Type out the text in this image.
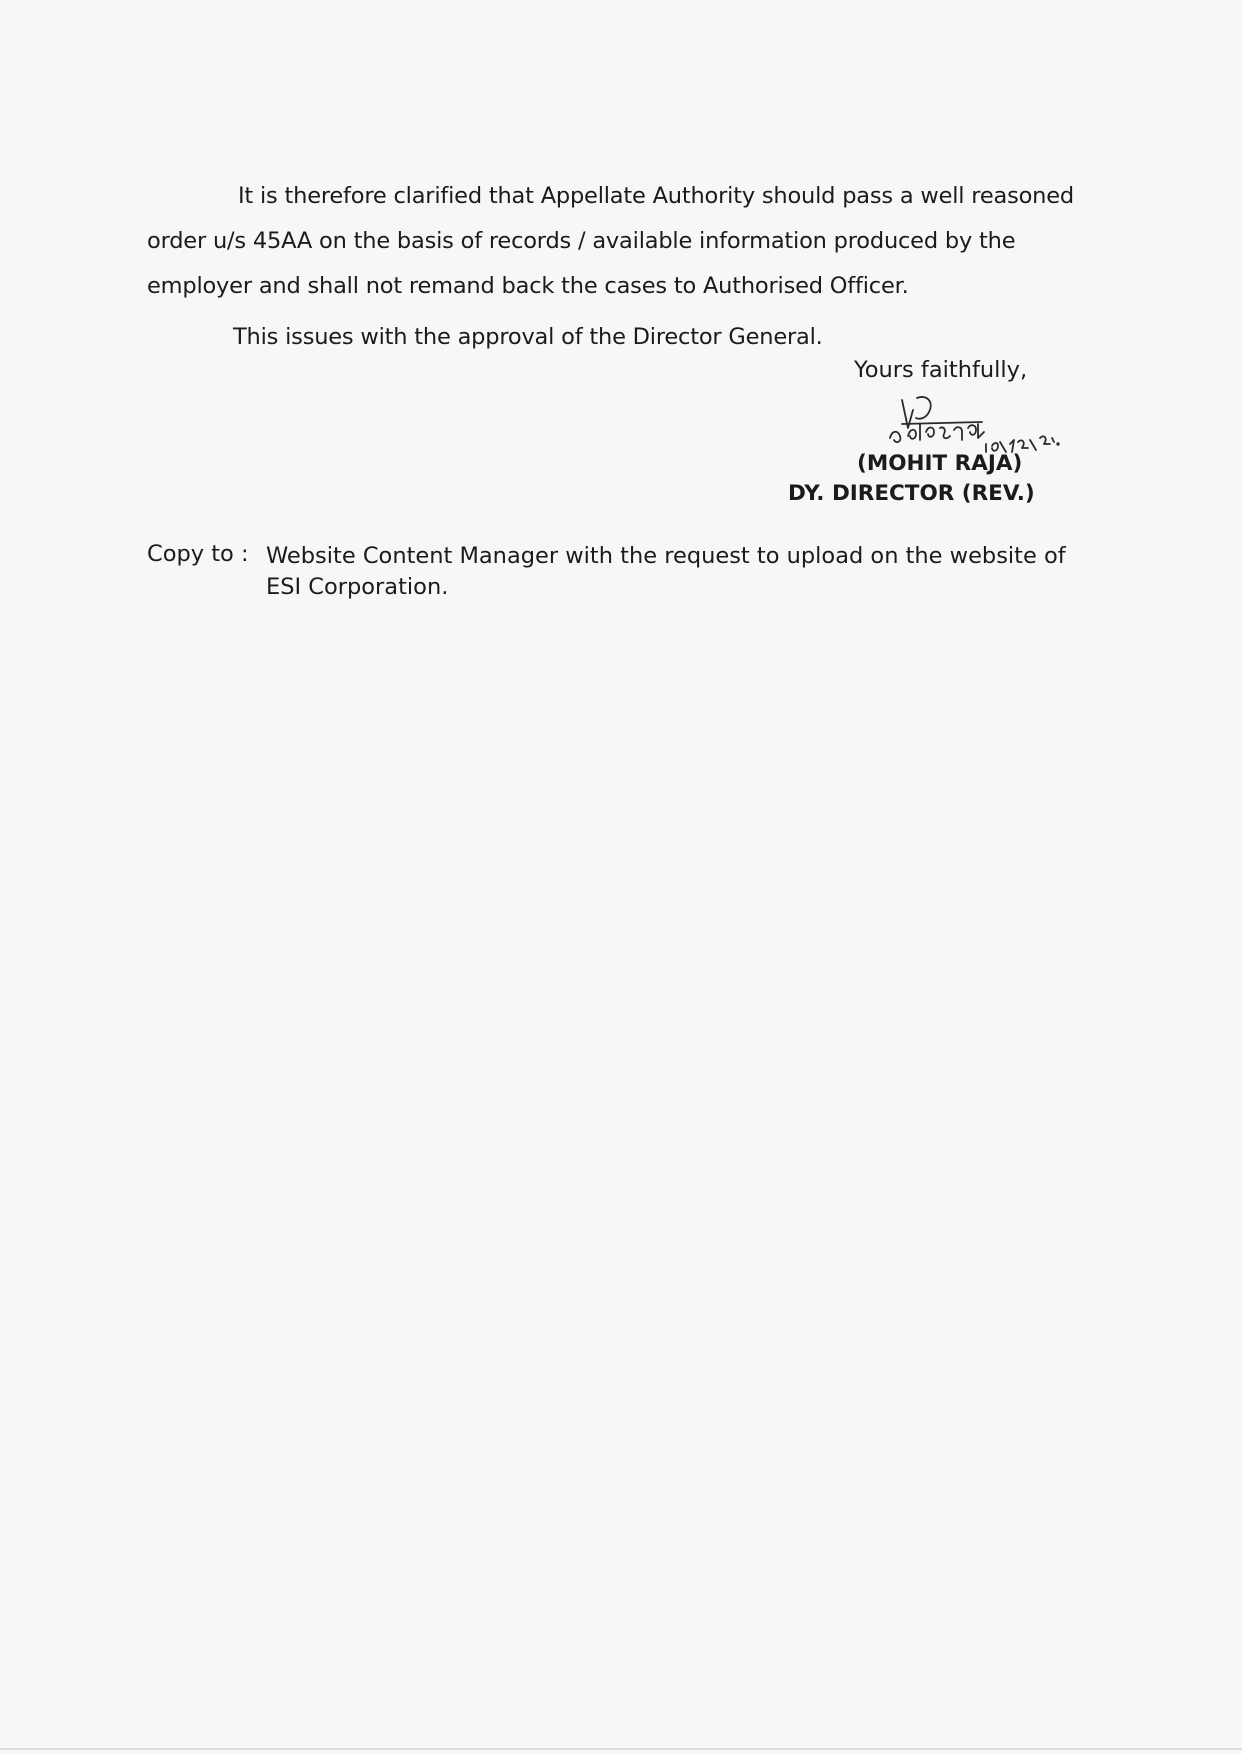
It is therefore clarified that Appellate Authority should pass a well reasoned order u/s 45AA on the basis of records / available information produced by the employer and shall not remand back the cases to Authorised Officer.

This issues with the approval of the Director General.

Yours faithfully,
(MOHIT RAJA)
DY. DIRECTOR (REV.)
Copy to : Website Content Manager with the request to upload on the website of ESI Corporation.
